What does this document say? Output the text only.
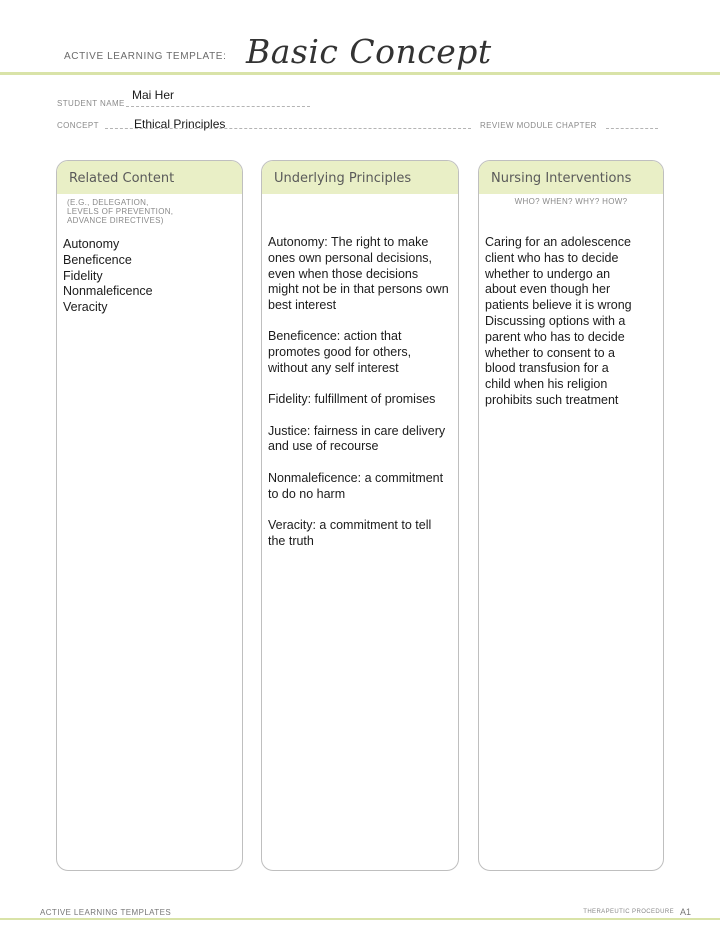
ACTIVE LEARNING TEMPLATE: Basic Concept
STUDENT NAME
Mai Her
CONCEPT	Ethical Principles	REVIEW MODULE CHAPTER
Related Content
(E.G., DELEGATION,
LEVELS OF PREVENTION,
ADVANCE DIRECTIVES)
Autonomy
Beneficence
Fidelity
Nonmaleficence
Veracity
Underlying Principles
Autonomy: The right to make ones own personal decisions, even when those decisions might not be in that persons own best interest
Beneficence: action that promotes good for others, without any self interest
Fidelity: fulfillment of promises
Justice: fairness in care delivery and use of recourse
Nonmaleficence: a commitment to do no harm
Veracity: a commitment to tell the truth
Nursing Interventions
WHO? WHEN? WHY? HOW?
Caring for an adolescence
client who has to decide
whether to undergo an
about even though her
patients believe it is wrong
Discussing options with a
parent who has to decide
whether to consent to a
blood transfusion for a
child when his religion
prohibits such treatment
ACTIVE LEARNING TEMPLATES	THERAPEUTIC PROCEDURE A1
